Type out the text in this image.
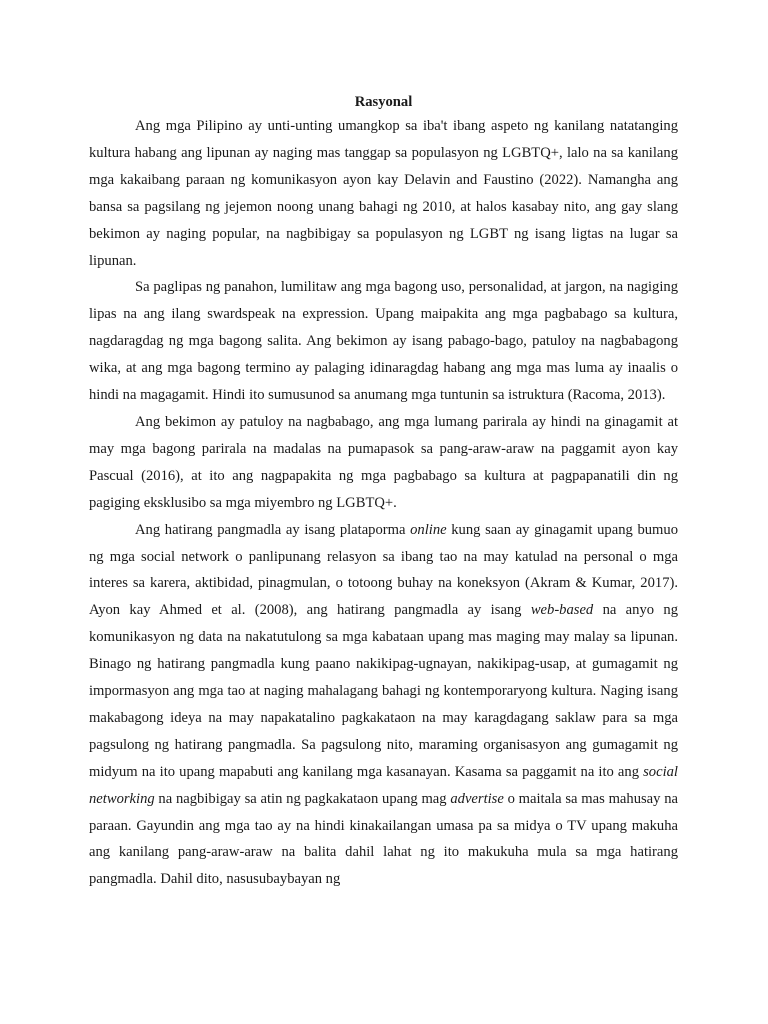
Rasyonal

Ang mga Pilipino ay unti-unting umangkop sa iba't ibang aspeto ng kanilang natatanging kultura habang ang lipunan ay naging mas tanggap sa populasyon ng LGBTQ+, lalo na sa kanilang mga kakaibang paraan ng komunikasyon ayon kay Delavin and Faustino (2022). Namangha ang bansa sa pagsilang ng jejemon noong unang bahagi ng 2010, at halos kasabay nito, ang gay slang bekimon ay naging popular, na nagbibigay sa populasyon ng LGBT ng isang ligtas na lugar sa lipunan.

Sa paglipas ng panahon, lumilitaw ang mga bagong uso, personalidad, at jargon, na nagiging lipas na ang ilang swardspeak na expression. Upang maipakita ang mga pagbabago sa kultura, nagdaragdag ng mga bagong salita. Ang bekimon ay isang pabago-bago, patuloy na nagbabagong wika, at ang mga bagong termino ay palaging idinaragdag habang ang mga mas luma ay inaalis o hindi na magagamit. Hindi ito sumusunod sa anumang mga tuntunin sa istruktura (Racoma, 2013).

Ang bekimon ay patuloy na nagbabago, ang mga lumang parirala ay hindi na ginagamit at may mga bagong parirala na madalas na pumapasok sa pang-araw-araw na paggamit ayon kay Pascual (2016), at ito ang nagpapakita ng mga pagbabago sa kultura at pagpapanatili din ng pagiging eksklusibo sa mga miyembro ng LGBTQ+.

Ang hatirang pangmadla ay isang plataporma online kung saan ay ginagamit upang bumuo ng mga social network o panlipunang relasyon sa ibang tao na may katulad na personal o mga interes sa karera, aktibidad, pinagmulan, o totoong buhay na koneksyon (Akram & Kumar, 2017). Ayon kay Ahmed et al. (2008), ang hatirang pangmadla ay isang web-based na anyo ng komunikasyon ng data na nakatutulong sa mga kabataan upang mas maging may malay sa lipunan. Binago ng hatirang pangmadla kung paano nakikipag-ugnayan, nakikipag-usap, at gumagamit ng impormasyon ang mga tao at naging mahalagang bahagi ng kontemporaryong kultura. Naging isang makabagong ideya na may napakatalino pagkakataon na may karagdagang saklaw para sa mga pagsulong ng hatirang pangmadla. Sa pagsulong nito, maraming organisasyon ang gumagamit ng midyum na ito upang mapabuti ang kanilang mga kasanayan. Kasama sa paggamit na ito ang social networking na nagbibigay sa atin ng pagkakataon upang mag advertise o maitala sa mas mahusay na paraan. Gayundin ang mga tao ay na hindi kinakailangan umasa pa sa midya o TV upang makuha ang kanilang pang-araw-araw na balita dahil lahat ng ito makukuha mula sa mga hatirang pangmadla. Dahil dito, nasusubaybayan ng
